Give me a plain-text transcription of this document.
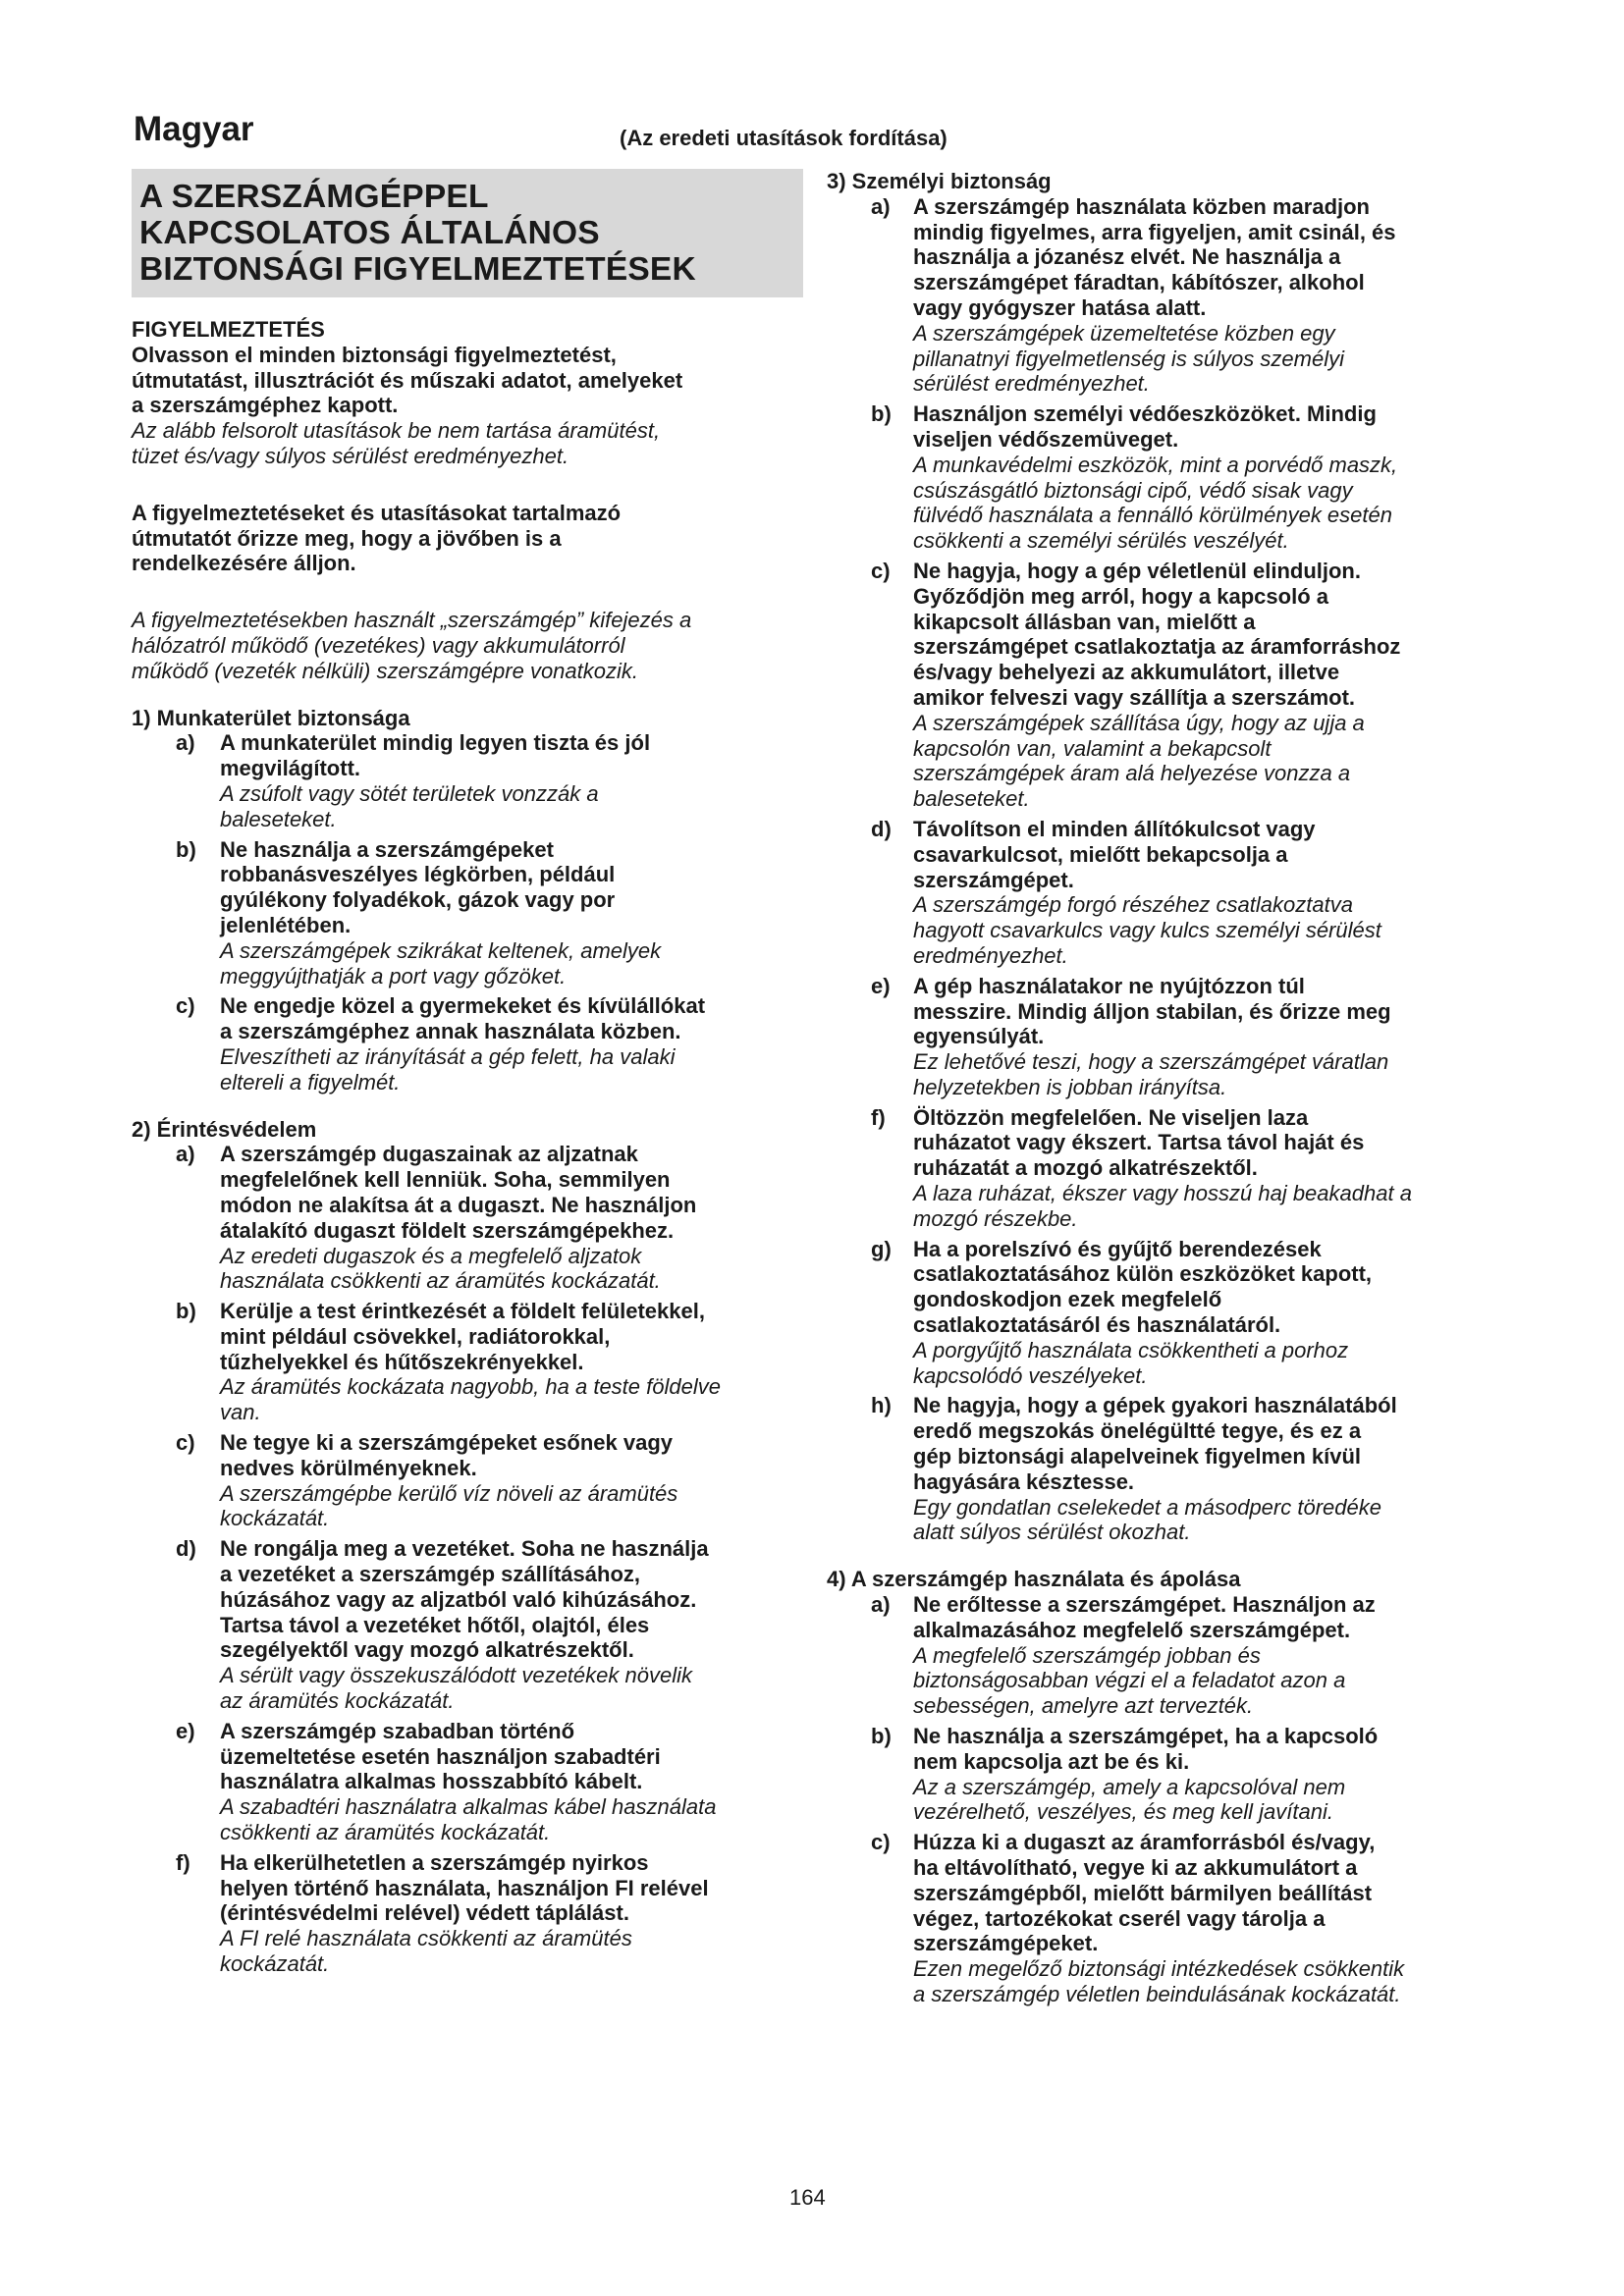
Magyar	(Az eredeti utasítások fordítása)
A SZERSZÁMGÉPPEL
KAPCSOLATOS ÁLTALÁNOS
BIZTONSÁGI FIGYELMEZTETÉSEK
FIGYELMEZTETÉS
Olvasson el minden biztonsági figyelmeztetést,
útmutatást, illusztrációt és műszaki adatot, amelyeket
a szerszámgéphez kapott.
Az alább felsorolt utasítások be nem tartása áramütést,
tüzet és/vagy súlyos sérülést eredményezhet.
A figyelmeztetéseket és utasításokat tartalmazó
útmutatót őrizze meg, hogy a jövőben is a
rendelkezésére álljon.
A figyelmeztetésekben használt „szerszámgép” kifejezés a
hálózatról működő (vezetékes) vagy akkumulátorról
működő (vezeték nélküli) szerszámgépre vonatkozik.
1) Munkaterület biztonsága
a) A munkaterület mindig legyen tiszta és jól
megvilágított.
A zsúfolt vagy sötét területek vonzzák a
baleseteket.
b) Ne használja a szerszámgépeket
robbanásveszélyes légkörben, például
gyúlékony folyadékok, gázok vagy por
jelenlétében.
A szerszámgépek szikrákat keltenek, amelyek
meggyújthatják a port vagy gőzöket.
c) Ne engedje közel a gyermekeket és kívülállókat
a szerszámgéphez annak használata közben.
Elveszítheti az irányítását a gép felett, ha valaki
eltereli a figyelmét.
2) Érintésvédelem
a) A szerszámgép dugaszainak az aljzatnak
megfelelőnek kell lenniük. Soha, semmilyen
módon ne alakítsa át a dugaszt. Ne használjon
átalakító dugaszt földelt szerszámgépekhez.
Az eredeti dugaszok és a megfelelő aljzatok
használata csökkenti az áramütés kockázatát.
b) Kerülje a test érintkezését a földelt felületekkel,
mint például csövekkel, radiátorokkal,
tűzhelyekkel és hűtőszekrényekkel.
Az áramütés kockázata nagyobb, ha a teste földelve
van.
c) Ne tegye ki a szerszámgépeket esőnek vagy
nedves körülményeknek.
A szerszámgépbe kerülő víz növeli az áramütés
kockázatát.
d) Ne rongálja meg a vezetéket. Soha ne használja
a vezetéket a szerszámgép szállításához,
húzásához vagy az aljzatból való kihúzásához.
Tartsa távol a vezetéket hőtől, olajtól, éles
szegélyektől vagy mozgó alkatrészektől.
A sérült vagy összekuszálódott vezetékek növelik
az áramütés kockázatát.
e) A szerszámgép szabadban történő
üzemeltetése esetén használjon szabadtéri
használatra alkalmas hosszabbító kábelt.
A szabadtéri használatra alkalmas kábel használata
csökkenti az áramütés kockázatát.
f) Ha elkerülhetetlen a szerszámgép nyirkos
helyen történő használata, használjon FI relével
(érintésvédelmi relével) védett táplálást.
A FI relé használata csökkenti az áramütés
kockázatát.
3) Személyi biztonság
a) A szerszámgép használata közben maradjon
mindig figyelmes, arra figyeljen, amit csinál, és
használja a józanész elvét. Ne használja a
szerszámgépet fáradtan, kábítószer, alkohol
vagy gyógyszer hatása alatt.
A szerszámgépek üzemeltetése közben egy
pillanatnyi figyelmetlenség is súlyos személyi
sérülést eredményezhet.
b) Használjon személyi védőeszközöket. Mindig
viseljen védőszemüveget.
A munkavédelmi eszközök, mint a porvédő maszk,
csúszásgátló biztonsági cipő, védő sisak vagy
fülvédő használata a fennálló körülmények esetén
csökkenti a személyi sérülés veszélyét.
c) Ne hagyja, hogy a gép véletlenül elinduljon.
Győződjön meg arról, hogy a kapcsoló a
kikapcsolt állásban van, mielőtt a
szerszámgépet csatlakoztatja az áramforráshoz
és/vagy behelyezi az akkumulátort, illetve
amikor felveszi vagy szállítja a szerszámot.
A szerszámgépek szállítása úgy, hogy az ujja a
kapcsolón van, valamint a bekapcsolt
szerszámgépek áram alá helyezése vonzza a
baleseteket.
d) Távolítson el minden állítókulcsot vagy
csavarkulcsot, mielőtt bekapcsolja a
szerszámgépet.
A szerszámgép forgó részéhez csatlakoztatva
hagyott csavarkulcs vagy kulcs személyi sérülést
eredményezhet.
e) A gép használatakor ne nyújtózzon túl
messzire. Mindig álljon stabilan, és őrizze meg
egyensúlyát.
Ez lehetővé teszi, hogy a szerszámgépet váratlan
helyzetekben is jobban irányítsa.
f) Öltözzön megfelelően. Ne viseljen laza
ruházatot vagy ékszert. Tartsa távol haját és
ruházatát a mozgó alkatrészektől.
A laza ruházat, ékszer vagy hosszú haj beakadhat a
mozgó részekbe.
g) Ha a porelszívó és gyűjtő berendezések
csatlakoztatásához külön eszközöket kapott,
gondoskodjon ezek megfelelő
csatlakoztatásáról és használatáról.
A porgyűjtő használata csökkentheti a porhoz
kapcsolódó veszélyeket.
h) Ne hagyja, hogy a gépek gyakori használatából
eredő megszokás önelégültté tegye, és ez a
gép biztonsági alapelveinek figyelmen kívül
hagyására késztesse.
Egy gondatlan cselekedet a másodperc töredéke
alatt súlyos sérülést okozhat.
4) A szerszámgép használata és ápolása
a) Ne erőltesse a szerszámgépet. Használjon az
alkalmazásához megfelelő szerszámgépet.
A megfelelő szerszámgép jobban és
biztonságosabban végzi el a feladatot azon a
sebességen, amelyre azt tervezték.
b) Ne használja a szerszámgépet, ha a kapcsoló
nem kapcsolja azt be és ki.
Az a szerszámgép, amely a kapcsolóval nem
vezérelhető, veszélyes, és meg kell javítani.
c) Húzza ki a dugaszt az áramforrásból és/vagy,
ha eltávolítható, vegye ki az akkumulátort a
szerszámgépből, mielőtt bármilyen beállítást
végez, tartozékokat cserél vagy tárolja a
szerszámgépeket.
Ezen megelőző biztonsági intézkedések csökkentik
a szerszámgép véletlen beindulásának kockázatát.
164
